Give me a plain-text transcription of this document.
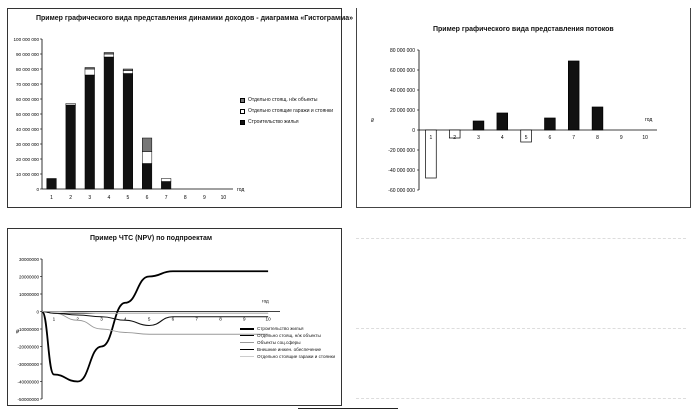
Пример графического вида представления динамики доходов - диаграмма «Гистограмма»
0
10 000 000
20 000 000
30 000 000
40 000 000
50 000 000
60 000 000
70 000 000
80 000 000
90 000 000
100 000 000
1	2	3	4	5	6	7	8	9	10
год
Отдельно стоящ. н/ж объекты
Отдельно стоящие гаражи и стоянки
Строительство жилья
Пример графического вида представления потоков
-60 000 000
-40 000 000
-20 000 000
0
20 000 000
40 000 000
60 000 000
80 000 000
₽
1	2	3	4	5	6	7	8	9	10
год
Пример ЧТС (NPV) по подпроектам
30000000
20000000
10000000
0
-10000000
-20000000
-30000000
-40000000
-50000000
₽
1	2	3	4	5	6	7	8	9	10
год
Строительство жилья
Отдельно стоящ. н/ж объекты
Объекты соц.сферы
Внешние инжен. обеспечение
Отдельно стоящие гаражи и стоянки
